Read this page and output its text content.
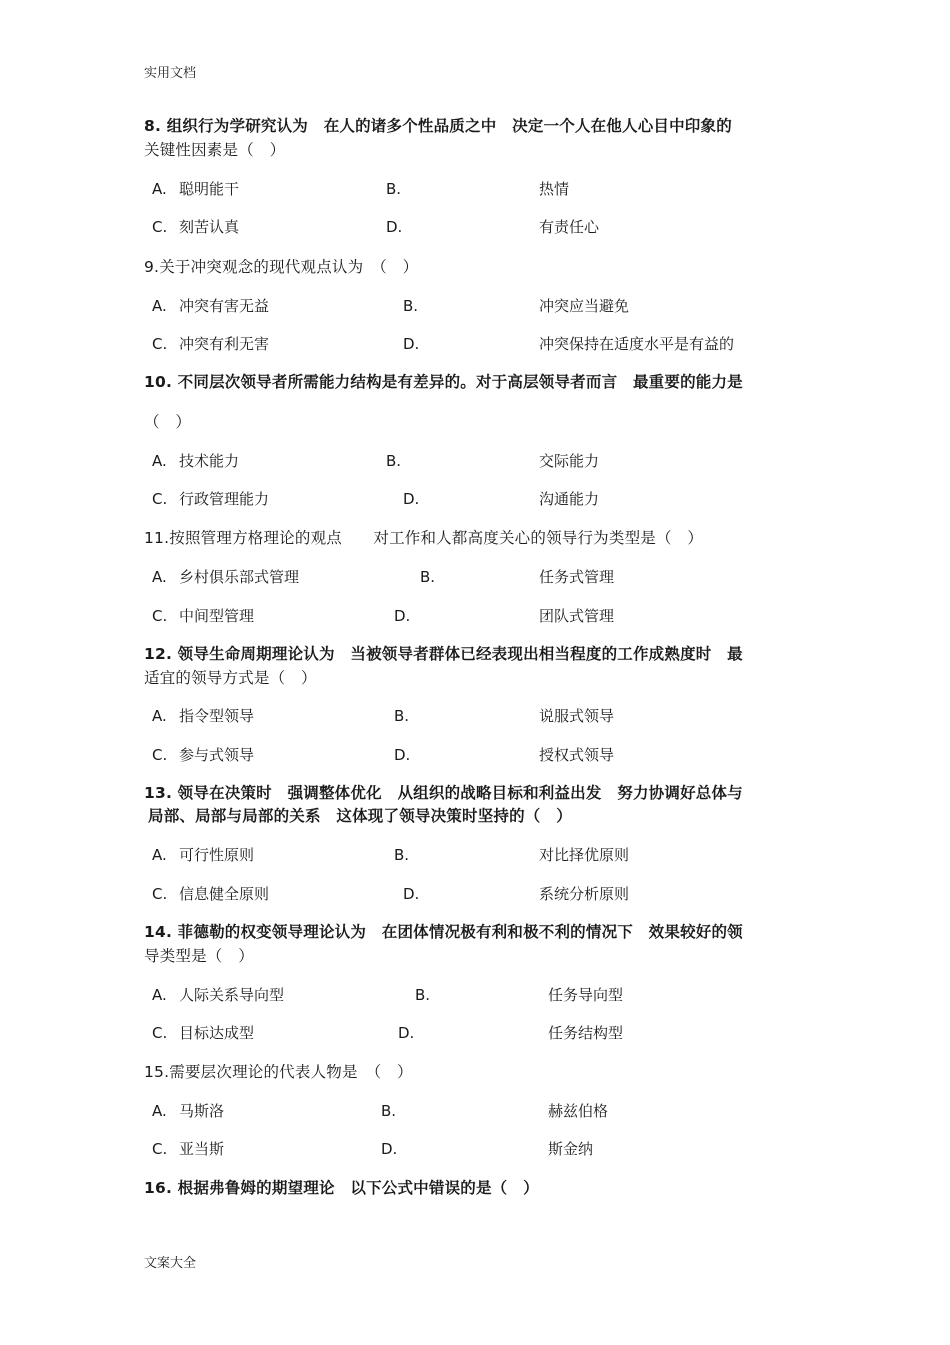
实用文档
8. 组织行为学研究认为　在人的诸多个性品质之中　决定一个人在他人心目中印象的
关键性因素是（　）
A. 聪明能干	B.	热情
C. 刻苦认真	D.	有责任心
9.关于冲突观念的现代观点认为　（　）
A. 冲突有害无益	B.	冲突应当避免
C. 冲突有利无害	D.	冲突保持在适度水平是有益的
10. 不同层次领导者所需能力结构是有差异的。对于高层领导者而言　最重要的能力是
（　）
A. 技术能力	B.	交际能力
C. 行政管理能力	D.	沟通能力
11.按照管理方格理论的观点　　对工作和人都高度关心的领导行为类型是（　）
A. 乡村俱乐部式管理	B.	任务式管理
C. 中间型管理	D.	团队式管理
12. 领导生命周期理论认为　当被领导者群体已经表现出相当程度的工作成熟度时　最
适宜的领导方式是（　）
A. 指令型领导	B.	说服式领导
C. 参与式领导	D.	授权式领导
13. 领导在决策时　强调整体优化　从组织的战略目标和利益出发　努力协调好总体与
局部、局部与局部的关系　这体现了领导决策时坚持的（　）
A. 可行性原则	B.	对比择优原则
C. 信息健全原则	D.	系统分析原则
14. 菲德勒的权变领导理论认为　在团体情况极有利和极不利的情况下　效果较好的领
导类型是（　）
A. 人际关系导向型	B.	任务导向型
C. 目标达成型	D.	任务结构型
15.需要层次理论的代表人物是　（　）
A. 马斯洛	B.	赫兹伯格
C. 亚当斯	D.	斯金纳
16. 根据弗鲁姆的期望理论　以下公式中错误的是（　）
文案大全
